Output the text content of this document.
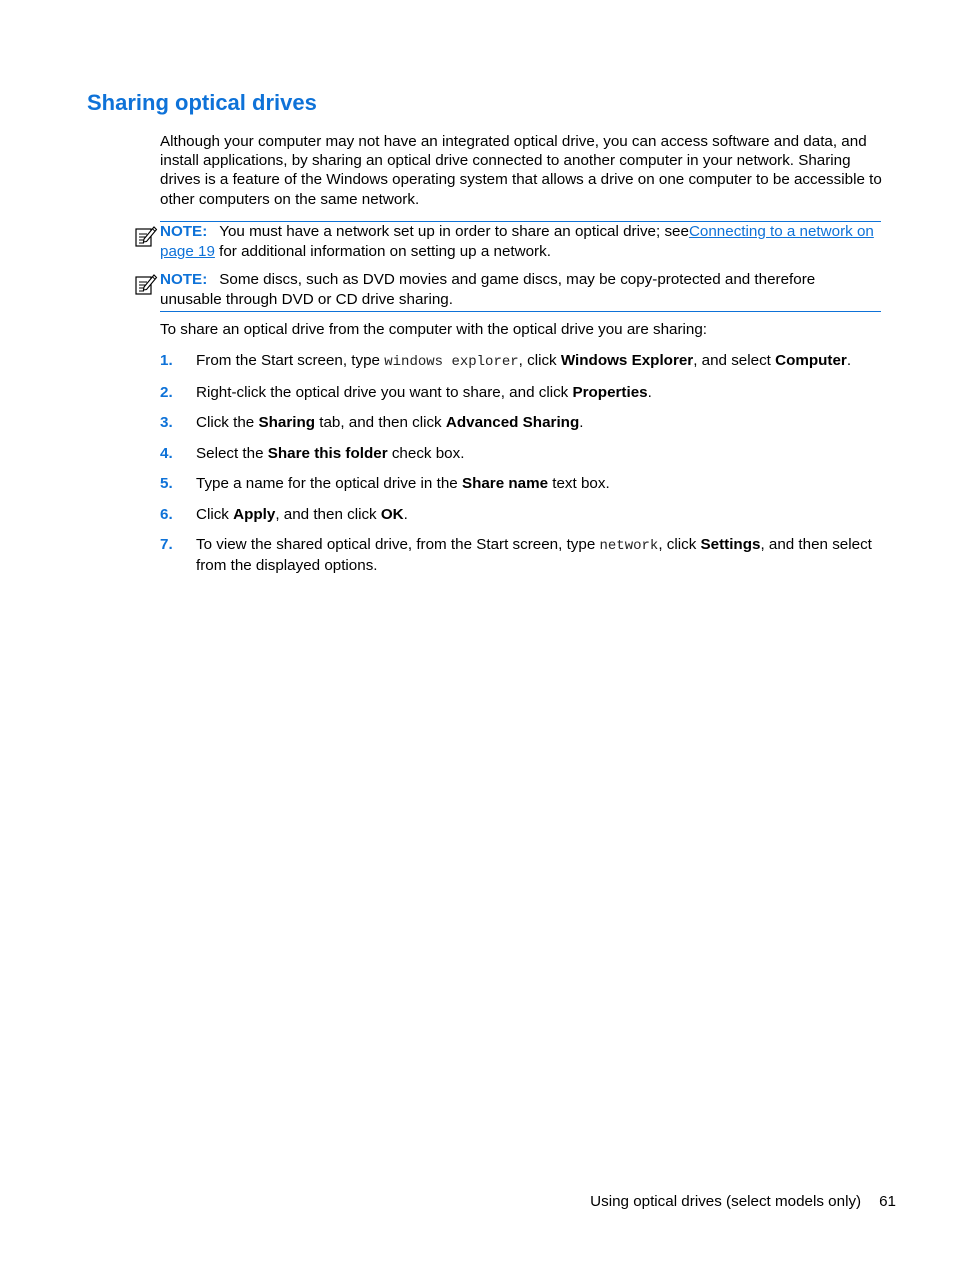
Sharing optical drives

Although your computer may not have an integrated optical drive, you can access software and data, and install applications, by sharing an optical drive connected to another computer in your network. Sharing drives is a feature of the Windows operating system that allows a drive on one computer to be accessible to other computers on the same network.

NOTE: You must have a network set up in order to share an optical drive; seeConnecting to a network on page 19 for additional information on setting up a network.
NOTE: Some discs, such as DVD movies and game discs, may be copy-protected and therefore unusable through DVD or CD drive sharing.

To share an optical drive from the computer with the optical drive you are sharing:

1. From the Start screen, type windows explorer, click Windows Explorer, and select Computer.
2. Right-click the optical drive you want to share, and click Properties.
3. Click the Sharing tab, and then click Advanced Sharing.
4. Select the Share this folder check box.
5. Type a name for the optical drive in the Share name text box.
6. Click Apply, and then click OK.
7. To view the shared optical drive, from the Start screen, type network, click Settings, and then select from the displayed options.
Using optical drives (select models only) 61
